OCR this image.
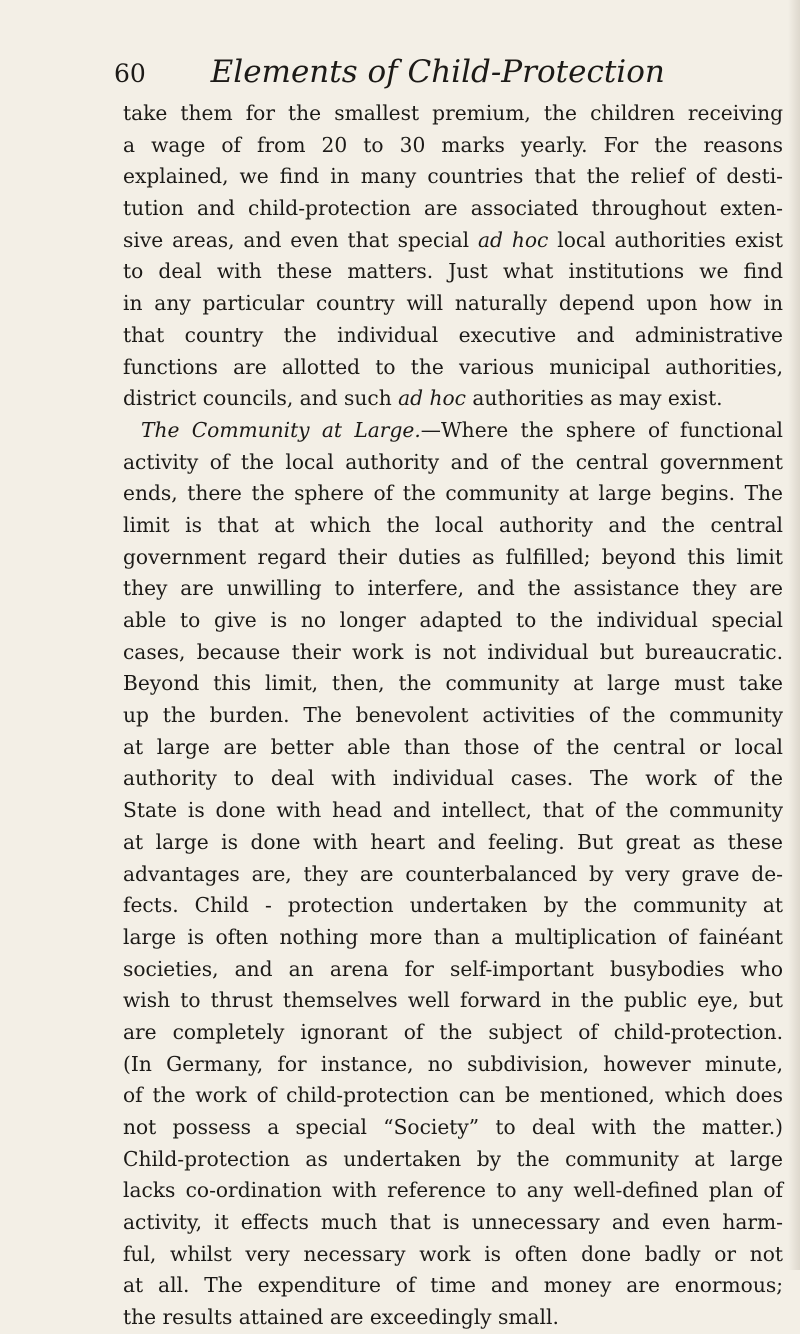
60 Elements of Child-Protection
take them for the smallest premium, the children receiving
a wage of from 20 to 30 marks yearly. For the reasons
explained, we find in many countries that the relief of desti-
tution and child-protection are associated throughout exten-
sive areas, and even that special ad hoc local authorities exist
to deal with these matters. Just what institutions we find
in any particular country will naturally depend upon how in
that country the individual executive and administrative
functions are allotted to the various municipal authorities,
district councils, and such ad hoc authorities as may exist.
The Community at Large.—Where the sphere of functional
activity of the local authority and of the central government
ends, there the sphere of the community at large begins. The
limit is that at which the local authority and the central
government regard their duties as fulfilled; beyond this limit
they are unwilling to interfere, and the assistance they are
able to give is no longer adapted to the individual special
cases, because their work is not individual but bureaucratic.
Beyond this limit, then, the community at large must take
up the burden. The benevolent activities of the community
at large are better able than those of the central or local
authority to deal with individual cases. The work of the
State is done with head and intellect, that of the community
at large is done with heart and feeling. But great as these
advantages are, they are counterbalanced by very grave de-
fects. Child - protection undertaken by the community at
large is often nothing more than a multiplication of fainéant
societies, and an arena for self-important busybodies who
wish to thrust themselves well forward in the public eye, but
are completely ignorant of the subject of child-protection.
(In Germany, for instance, no subdivision, however minute,
of the work of child-protection can be mentioned, which does
not possess a special “Society” to deal with the matter.)
Child-protection as undertaken by the community at large
lacks co-ordination with reference to any well-defined plan of
activity, it effects much that is unnecessary and even harm-
ful, whilst very necessary work is often done badly or not
at all. The expenditure of time and money are enormous;
the results attained are exceedingly small.
